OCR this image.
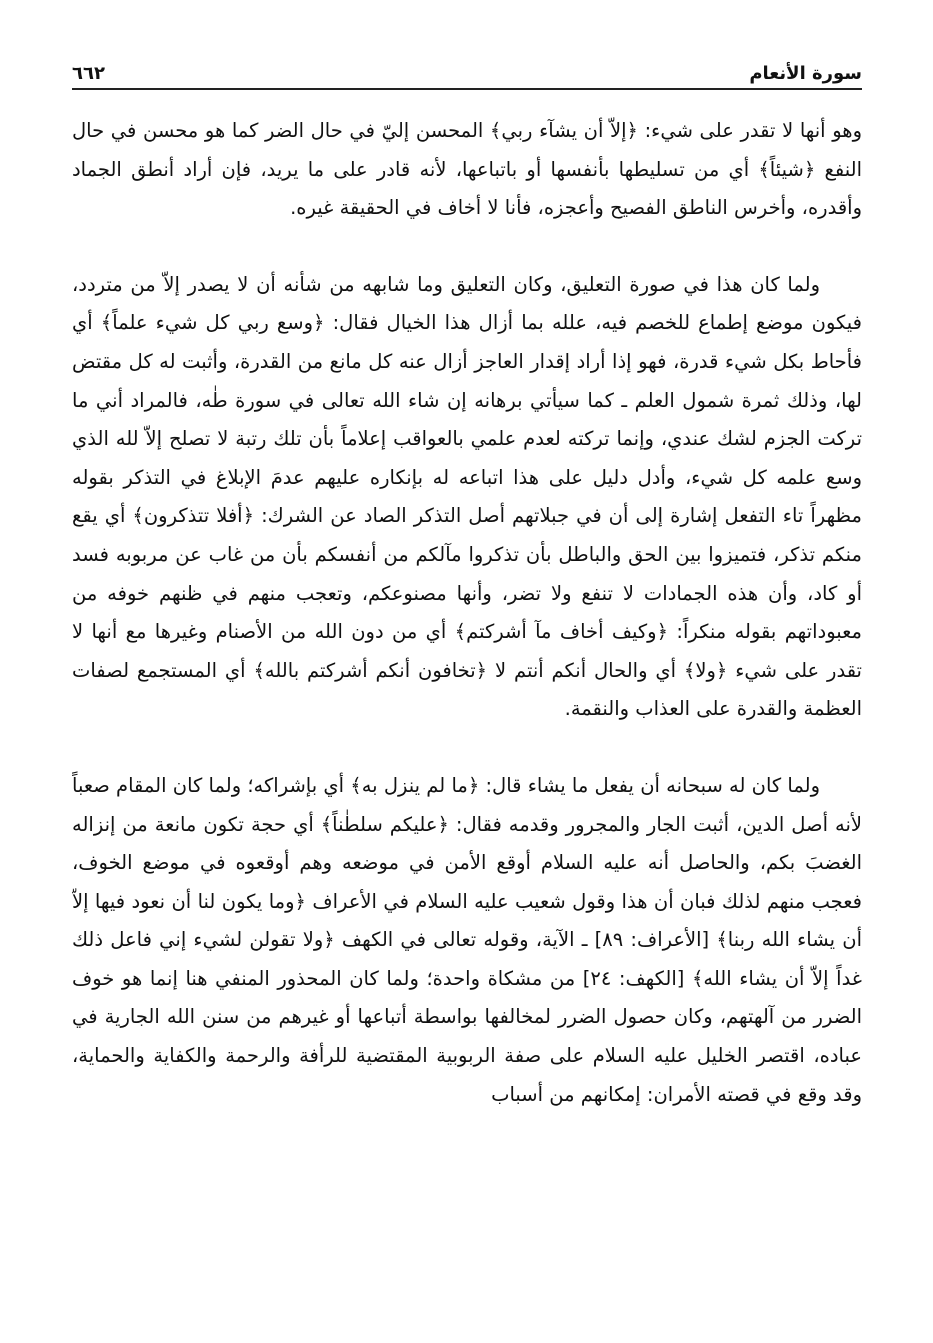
سورة الأنعام
٦٦٢

وهو أنها لا تقدر على شيء: ﴿إلاّ أن يشآء ربي﴾ المحسن إليّ في حال الضر كما هو محسن في حال النفع ﴿شيئاً﴾ أي من تسليطها بأنفسها أو باتباعها، لأنه قادر على ما يريد، فإن أراد أنطق الجماد وأقدره، وأخرس الناطق الفصيح وأعجزه، فأنا لا أخاف في الحقيقة غيره.

ولما كان هذا في صورة التعليق، وكان التعليق وما شابهه من شأنه أن لا يصدر إلاّ من متردد، فيكون موضع إطماع للخصم فيه، علله بما أزال هذا الخيال فقال: ﴿وسع ربي كل شيء علماً﴾ أي فأحاط بكل شيء قدرة، فهو إذا أراد إقدار العاجز أزال عنه كل مانع من القدرة، وأثبت له كل مقتض لها، وذلك ثمرة شمول العلم ـ كما سيأتي برهانه إن شاء الله تعالى في سورة طٰه، فالمراد أني ما تركت الجزم لشك عندي، وإنما تركته لعدم علمي بالعواقب إعلاماً بأن تلك رتبة لا تصلح إلاّ لله الذي وسع علمه كل شيء، وأدل دليل على هذا اتباعه له بإنكاره عليهم عدمَ الإبلاغ في التذكر بقوله مظهراً تاء التفعل إشارة إلى أن في جبلاتهم أصل التذكر الصاد عن الشرك: ﴿أفلا تتذكرون﴾ أي يقع منكم تذكر، فتميزوا بين الحق والباطل بأن تذكروا مآلكم من أنفسكم بأن من غاب عن مربوبه فسد أو كاد، وأن هذه الجمادات لا تنفع ولا تضر، وأنها مصنوعكم، وتعجب منهم في ظنهم خوفه من معبوداتهم بقوله منكراً: ﴿وكيف أخاف مآ أشركتم﴾ أي من دون الله من الأصنام وغيرها مع أنها لا تقدر على شيء ﴿ولا﴾ أي والحال أنكم أنتم لا ﴿تخافون أنكم أشركتم بالله﴾ أي المستجمع لصفات العظمة والقدرة على العذاب والنقمة.

ولما كان له سبحانه أن يفعل ما يشاء قال: ﴿ما لم ينزل به﴾ أي بإشراكه؛ ولما كان المقام صعباً لأنه أصل الدين، أثبت الجار والمجرور وقدمه فقال: ﴿عليكم سلطٰناً﴾ أي حجة تكون مانعة من إنزاله الغضبَ بكم، والحاصل أنه عليه السلام أوقع الأمن في موضعه وهم أوقعوه في موضع الخوف، فعجب منهم لذلك فبان أن هذا وقول شعيب عليه السلام في الأعراف ﴿وما يكون لنا أن نعود فيها إلاّ أن يشاء الله ربنا﴾ [الأعراف: ٨٩] ـ الآية، وقوله تعالى في الكهف ﴿ولا تقولن لشيء إني فاعل ذلك غداً إلاّ أن يشاء الله﴾ [الكهف: ٢٤] من مشكاة واحدة؛ ولما كان المحذور المنفي هنا إنما هو خوف الضرر من آلهتهم، وكان حصول الضرر لمخالفها بواسطة أتباعها أو غيرهم من سنن الله الجارية في عباده، اقتصر الخليل عليه السلام على صفة الربوبية المقتضية للرأفة والرحمة والكفاية والحماية، وقد وقع في قصته الأمران: إمكانهم من أسباب
